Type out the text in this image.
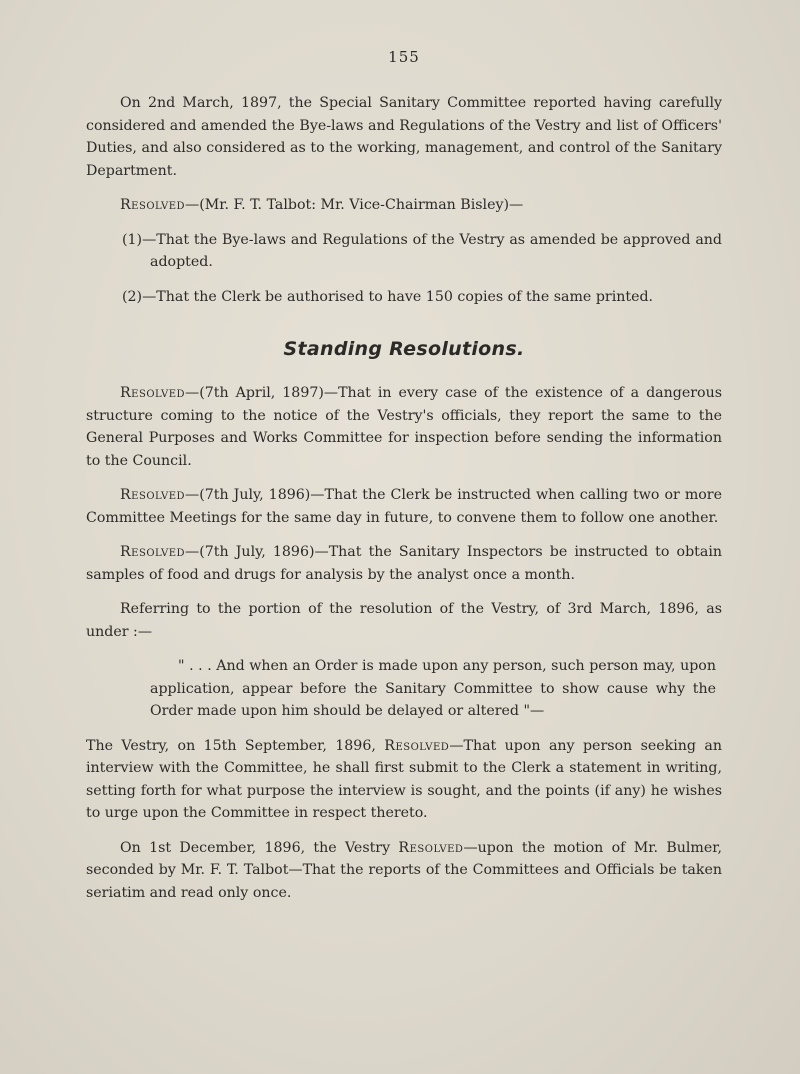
155

On 2nd March, 1897, the Special Sanitary Committee reported having carefully considered and amended the Bye-laws and Regulations of the Vestry and list of Officers' Duties, and also considered as to the working, management, and control of the Sanitary Department.

Resolved—(Mr. F. T. Talbot: Mr. Vice-Chairman Bisley)—

(1)—That the Bye-laws and Regulations of the Vestry as amended be approved and adopted.

(2)—That the Clerk be authorised to have 150 copies of the same printed.

Standing Resolutions.

Resolved—(7th April, 1897)—That in every case of the existence of a dangerous structure coming to the notice of the Vestry's officials, they report the same to the General Purposes and Works Committee for inspection before sending the information to the Council.

Resolved—(7th July, 1896)—That the Clerk be instructed when calling two or more Committee Meetings for the same day in future, to convene them to follow one another.

Resolved—(7th July, 1896)—That the Sanitary Inspectors be instructed to obtain samples of food and drugs for analysis by the analyst once a month.

Referring to the portion of the resolution of the Vestry, of 3rd March, 1896, as under :—

" . . . And when an Order is made upon any person, such person may, upon application, appear before the Sanitary Committee to show cause why the Order made upon him should be delayed or altered "—

The Vestry, on 15th September, 1896, Resolved—That upon any person seeking an interview with the Committee, he shall first submit to the Clerk a statement in writing, setting forth for what purpose the interview is sought, and the points (if any) he wishes to urge upon the Committee in respect thereto.

On 1st December, 1896, the Vestry Resolved—upon the motion of Mr. Bulmer, seconded by Mr. F. T. Talbot—That the reports of the Committees and Officials be taken seriatim and read only once.
